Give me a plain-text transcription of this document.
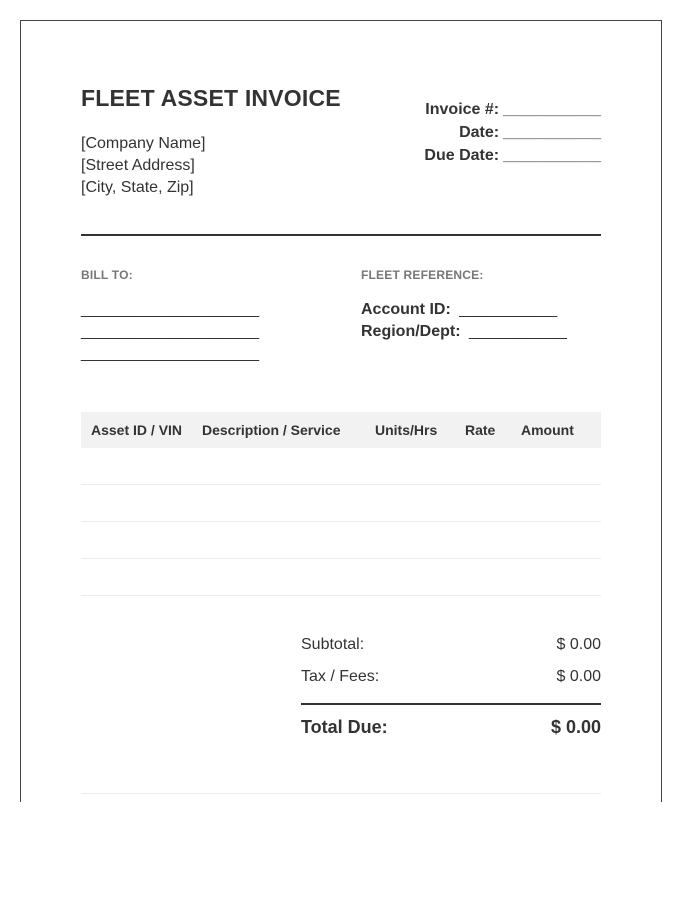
FLEET ASSET INVOICE
[Company Name]
[Street Address]
[City, State, Zip]
Invoice #: ___________
Date: ___________
Due Date: ___________
BILL TO:
____________________
____________________
____________________
FLEET REFERENCE:
Account ID: ___________
Region/Dept: ___________
Asset ID / VIN	Description / Service	Units/Hrs	Rate	Amount
Subtotal:	$ 0.00
Tax / Fees:	$ 0.00
Total Due:	$ 0.00
